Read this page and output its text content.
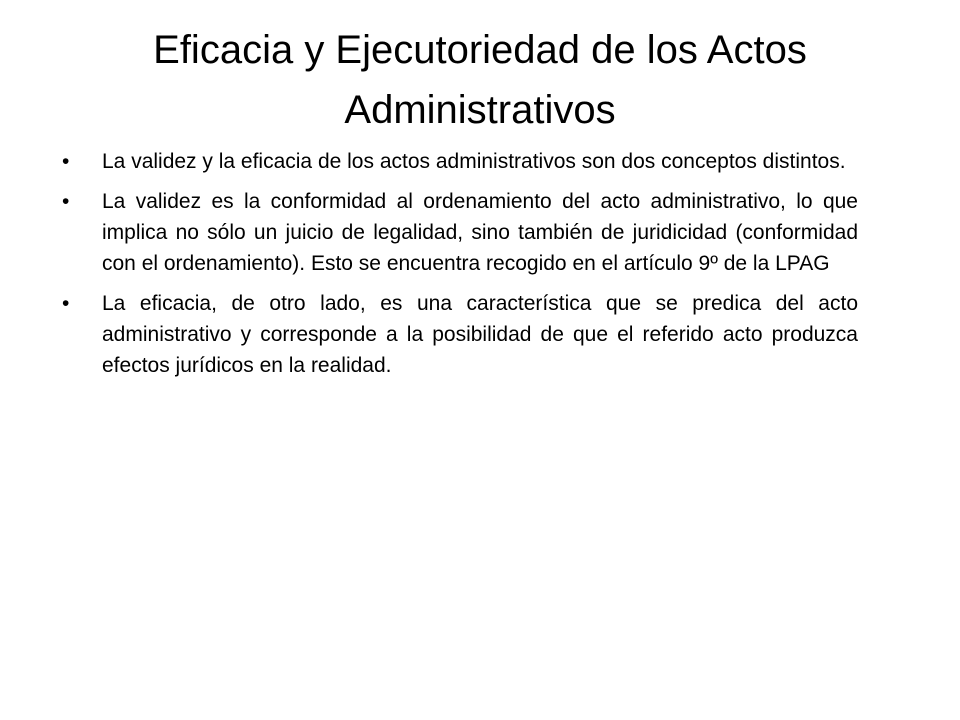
Eficacia y Ejecutoriedad de los Actos Administrativos
•	La validez y la eficacia de los actos administrativos son dos conceptos distintos.
•	La validez es la conformidad al ordenamiento del acto administrativo, lo que implica no sólo un juicio de legalidad, sino también de juridicidad (conformidad con el ordenamiento). Esto se encuentra recogido en el artículo 9º de la LPAG
•	La eficacia, de otro lado, es una característica que se predica del acto administrativo y corresponde a la posibilidad de que el referido acto produzca efectos jurídicos en la realidad.
